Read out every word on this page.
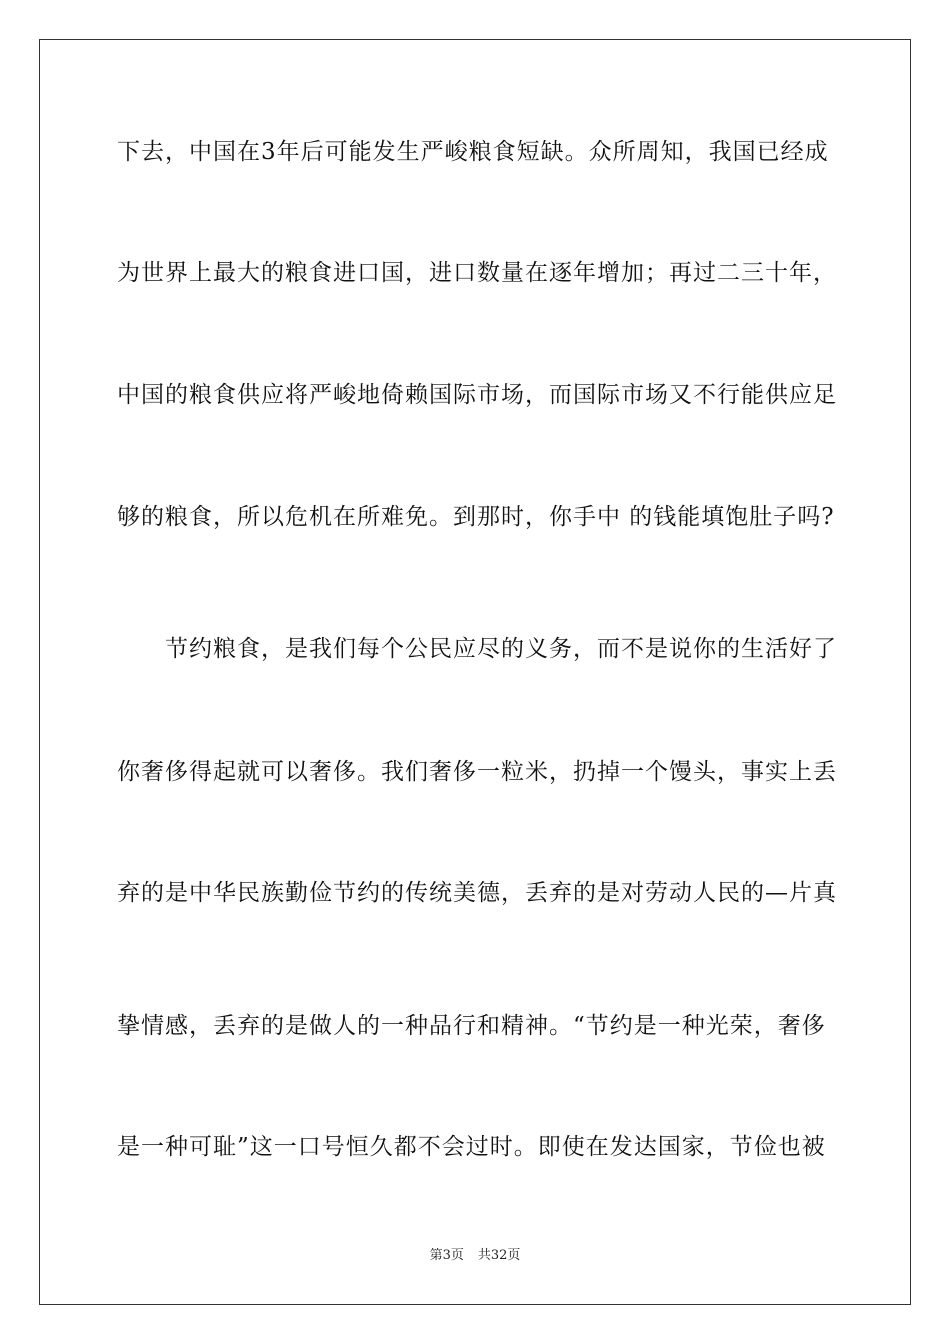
下去，中国在3年后可能发生严峻粮食短缺。众所周知，我国已经成
为世界上最大的粮食进口国，进口数量在逐年增加；再过二三十年，
中国的粮食供应将严峻地倚赖国际市场，而国际市场又不行能供应足
够的粮食，所以危机在所难免。到那时，你手中 的钱能填饱肚子吗?
　　节约粮食，是我们每个公民应尽的义务，而不是说你的生活好了
你奢侈得起就可以奢侈。我们奢侈一粒米，扔掉一个馒头，事实上丢
弃的是中华民族勤俭节约的传统美德，丢弃的是对劳动人民的—片真
挚情感，丢弃的是做人的一种品行和精神。“节约是一种光荣，奢侈
是一种可耻”这一口号恒久都不会过时。即使在发达国家，节俭也被
第3页 共32页
